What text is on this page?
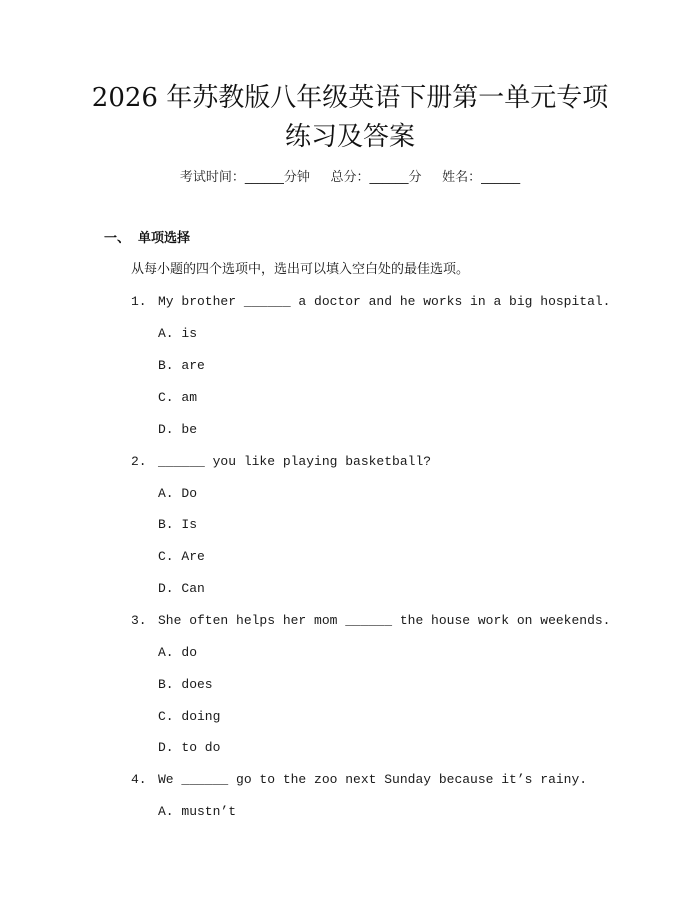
2026 年苏教版八年级英语下册第一单元专项
练习及答案
考试时间：______分钟     总分：______分     姓名：______
一、 单项选择
从每小题的四个选项中，选出可以填入空白处的最佳选项。
1. My brother ______ a doctor and he works in a big hospital.
A. is
B. are
C. am
D. be
2. ______ you like playing basketball?
A. Do
B. Is
C. Are
D. Can
3. She often helps her mom ______ the house work on weekends.
A. do
B. does
C. doing
D. to do
4. We ______ go to the zoo next Sunday because it’s rainy.
A. mustn’t
